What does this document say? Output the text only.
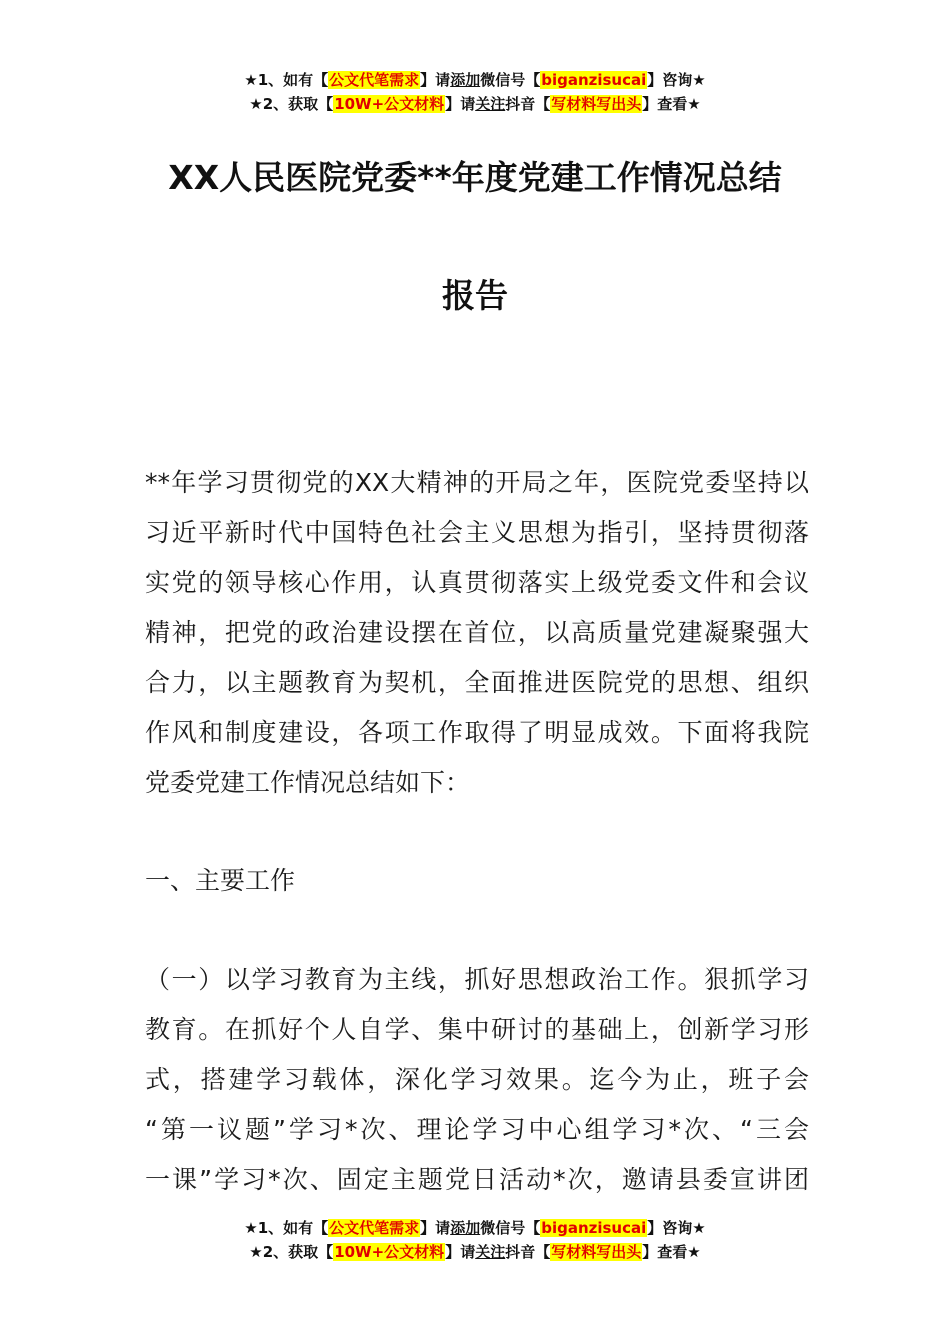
★1、如有【公文代笔需求】请添加微信号【biganzisucai】咨询★
★2、获取【10W+公文材料】请关注抖音【写材料写出头】查看★
XX人民医院党委**年度党建工作情况总结
报告
**年学习贯彻党的XX大精神的开局之年，医院党委坚持以
习近平新时代中国特色社会主义思想为指引，坚持贯彻落
实党的领导核心作用，认真贯彻落实上级党委文件和会议
精神，把党的政治建设摆在首位，以高质量党建凝聚强大
合力，以主题教育为契机，全面推进医院党的思想、组织
作风和制度建设，各项工作取得了明显成效。下面将我院
党委党建工作情况总结如下：
一、主要工作
（一）以学习教育为主线，抓好思想政治工作。狠抓学习
教育。在抓好个人自学、集中研讨的基础上，创新学习形
式，搭建学习载体，深化学习效果。迄今为止，班子会
“第一议题”学习*次、理论学习中心组学习*次、“三会
一课”学习*次、固定主题党日活动*次，邀请县委宣讲团
★1、如有【公文代笔需求】请添加微信号【biganzisucai】咨询★
★2、获取【10W+公文材料】请关注抖音【写材料写出头】查看★
